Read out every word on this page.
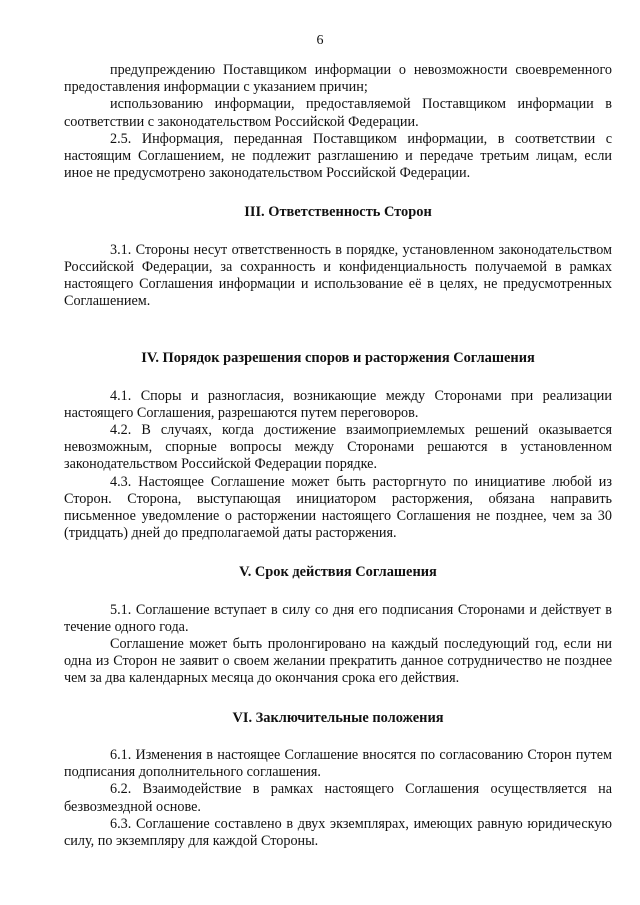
6

предупреждению Поставщиком информации о невозможности своевременного предоставления информации с указанием причин;

использованию информации, предоставляемой Поставщиком информации в соответствии с законодательством Российской Федерации.

2.5. Информация, переданная Поставщиком информации, в соответствии с настоящим Соглашением, не подлежит разглашению и передаче третьим лицам, если иное не предусмотрено законодательством Российской Федерации.

III. Ответственность Сторон

3.1. Стороны несут ответственность в порядке, установленном законодательством Российской Федерации, за сохранность и конфиденциальность получаемой в рамках настоящего Соглашения информации и использование её в целях, не предусмотренных Соглашением.

IV. Порядок разрешения споров и расторжения Соглашения

4.1. Споры и разногласия, возникающие между Сторонами при реализации настоящего Соглашения, разрешаются путем переговоров.

4.2. В случаях, когда достижение взаимоприемлемых решений оказывается невозможным, спорные вопросы между Сторонами решаются в установленном законодательством Российской Федерации порядке.

4.3. Настоящее Соглашение может быть расторгнуто по инициативе любой из Сторон. Сторона, выступающая инициатором расторжения, обязана направить письменное уведомление о расторжении настоящего Соглашения не позднее, чем за 30 (тридцать) дней до предполагаемой даты расторжения.

V. Срок действия Соглашения

5.1. Соглашение вступает в силу со дня его подписания Сторонами и действует в течение одного года.

Соглашение может быть пролонгировано на каждый последующий год, если ни одна из Сторон не заявит о своем желании прекратить данное сотрудничество не позднее чем за два календарных месяца до окончания срока его действия.

VI. Заключительные положения

6.1. Изменения в настоящее Соглашение вносятся по согласованию Сторон путем подписания дополнительного соглашения.

6.2. Взаимодействие в рамках настоящего Соглашения осуществляется на безвозмездной основе.

6.3. Соглашение составлено в двух экземплярах, имеющих равную юридическую силу, по экземпляру для каждой Стороны.
